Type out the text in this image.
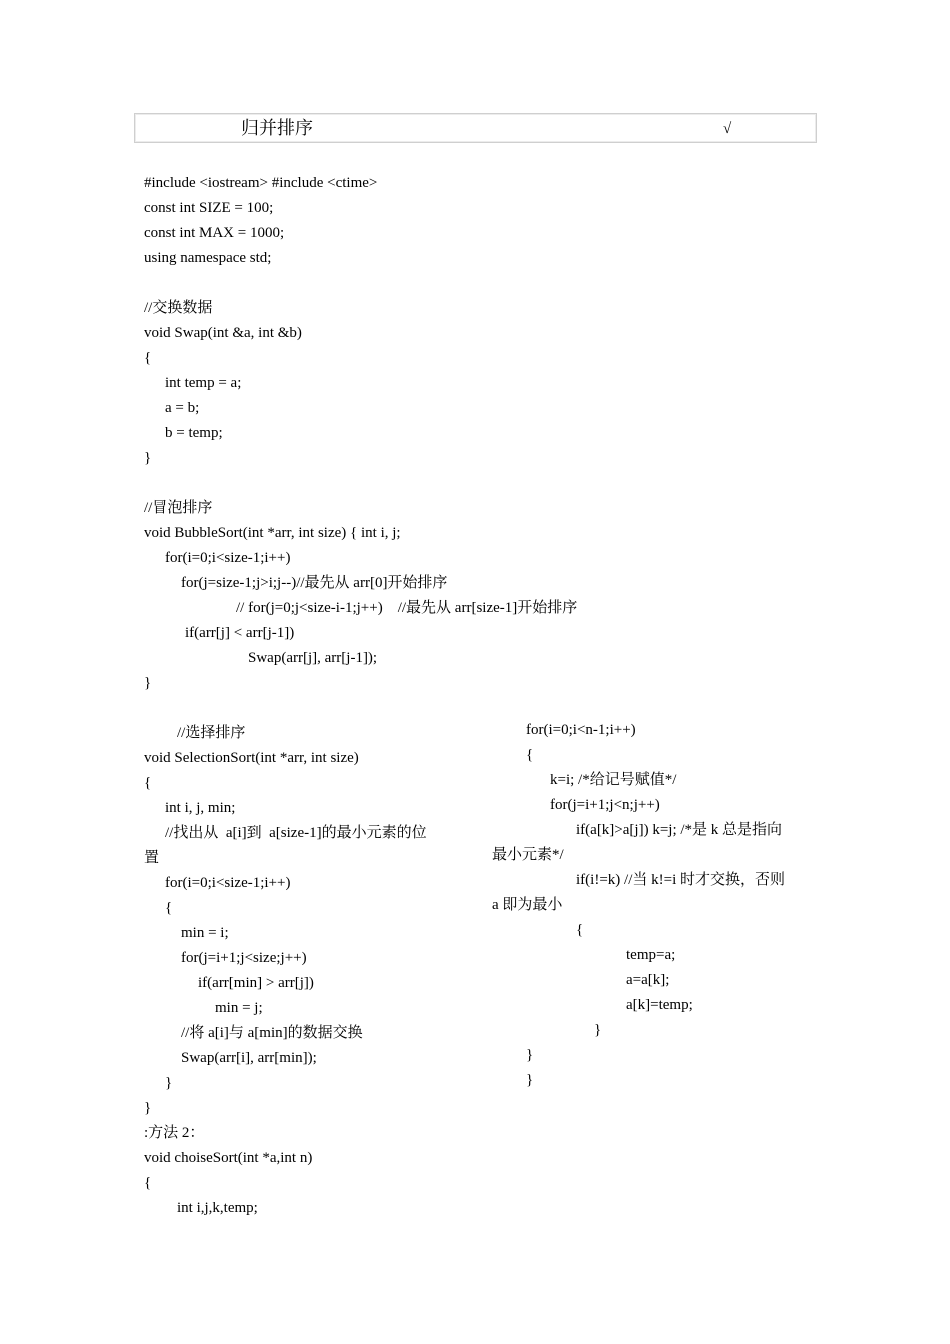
归并排序	√
#include <iostream> #include <ctime>
const int SIZE = 100;
const int MAX = 1000;
using namespace std;
//交换数据
void Swap(int &a, int &b)
{
int temp = a;
a = b;
b = temp;
}
//冒泡排序
void BubbleSort(int *arr, int size) { int i, j;
for(i=0;i<size-1;i++)
for(j=size-1;j>i;j--)//最先从 arr[0]开始排序
// for(j=0;j<size-i-1;j++)    //最先从 arr[size-1]开始排序
if(arr[j] < arr[j-1])
Swap(arr[j], arr[j-1]);
}
//选择排序
void SelectionSort(int *arr, int size)
{
int i, j, min;
//找出从  a[i]到  a[size-1]的最小元素的位
置
for(i=0;i<size-1;i++)
{
min = i;
for(j=i+1;j<size;j++)
if(arr[min] > arr[j])
min = j;
//将 a[i]与 a[min]的数据交换
Swap(arr[i], arr[min]);
}
}
:方法 2：
void choiseSort(int *a,int n)
{
int i,j,k,temp;
for(i=0;i<n-1;i++)
{
k=i; /*给记号赋值*/
for(j=i+1;j<n;j++)
if(a[k]>a[j]) k=j; /*是 k 总是指向
最小元素*/
if(i!=k) //当 k!=i 时才交换，否则
a 即为最小
{
temp=a;
a=a[k];
a[k]=temp;
}
}
}
